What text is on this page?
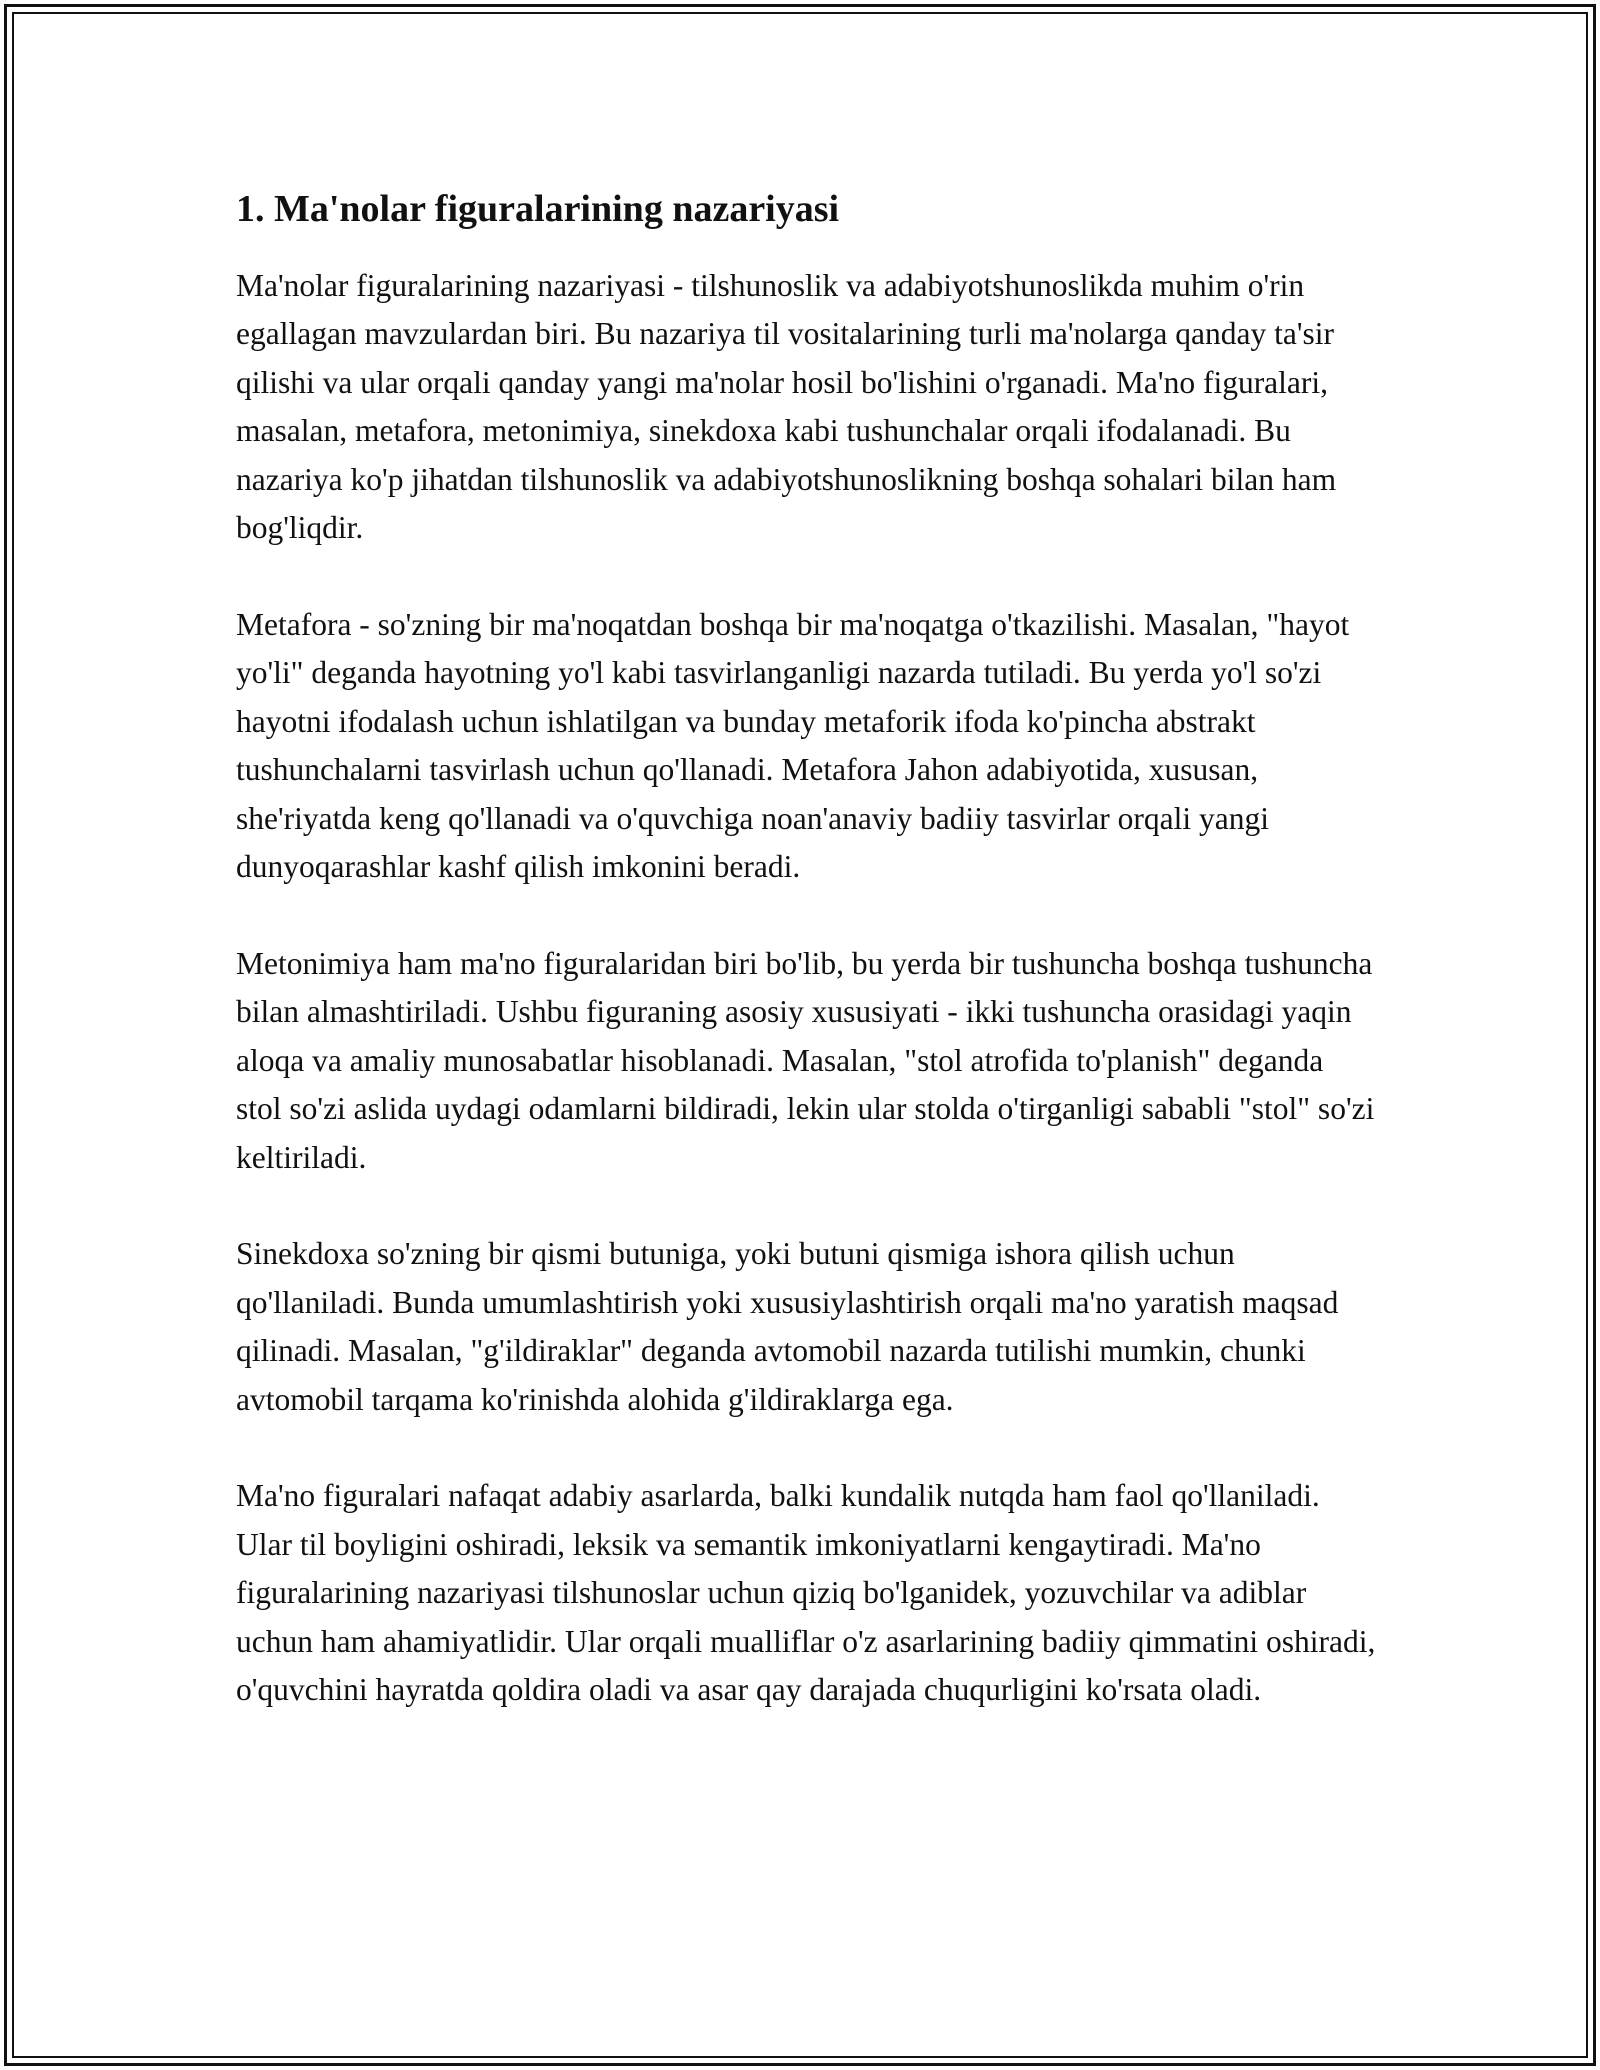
1. Ma'nolar figuralarining nazariyasi

Ma'nolar figuralarining nazariyasi - tilshunoslik va adabiyotshunoslikda muhim o'rin egallagan mavzulardan biri. Bu nazariya til vositalarining turli ma'nolarga qanday ta'sir qilishi va ular orqali qanday yangi ma'nolar hosil bo'lishini o'rganadi. Ma'no figuralari, masalan, metafora, metonimiya, sinekdoxa kabi tushunchalar orqali ifodalanadi. Bu nazariya ko'p jihatdan tilshunoslik va adabiyotshunoslikning boshqa sohalari bilan ham bog'liqdir.

Metafora - so'zning bir ma'noqatdan boshqa bir ma'noqatga o'tkazilishi. Masalan, "hayot yo'li" deganda hayotning yo'l kabi tasvirlanganligi nazarda tutiladi. Bu yerda yo'l so'zi hayotni ifodalash uchun ishlatilgan va bunday metaforik ifoda ko'pincha abstrakt tushunchalarni tasvirlash uchun qo'llanadi. Metafora Jahon adabiyotida, xususan, she'riyatda keng qo'llanadi va o'quvchiga noan'anaviy badiiy tasvirlar orqali yangi dunyoqarashlar kashf qilish imkonini beradi.

Metonimiya ham ma'no figuralaridan biri bo'lib, bu yerda bir tushuncha boshqa tushuncha bilan almashtiriladi. Ushbu figuraning asosiy xususiyati - ikki tushuncha orasidagi yaqin aloqa va amaliy munosabatlar hisoblanadi. Masalan, "stol atrofida to'planish" deganda stol so'zi aslida uydagi odamlarni bildiradi, lekin ular stolda o'tirganligi sababli "stol" so'zi keltiriladi.

Sinekdoxa so'zning bir qismi butuniga, yoki butuni qismiga ishora qilish uchun qo'llaniladi. Bunda umumlashtirish yoki xususiylashtirish orqali ma'no yaratish maqsad qilinadi. Masalan, "g'ildiraklar" deganda avtomobil nazarda tutilishi mumkin, chunki avtomobil tarqama ko'rinishda alohida g'ildiraklarga ega.

Ma'no figuralari nafaqat adabiy asarlarda, balki kundalik nutqda ham faol qo'llaniladi. Ular til boyligini oshiradi, leksik va semantik imkoniyatlarni kengaytiradi. Ma'no figuralarining nazariyasi tilshunoslar uchun qiziq bo'lganidek, yozuvchilar va adiblar uchun ham ahamiyatlidir. Ular orqali mualliflar o'z asarlarining badiiy qimmatini oshiradi, o'quvchini hayratda qoldira oladi va asar qay darajada chuqurligini ko'rsata oladi.
